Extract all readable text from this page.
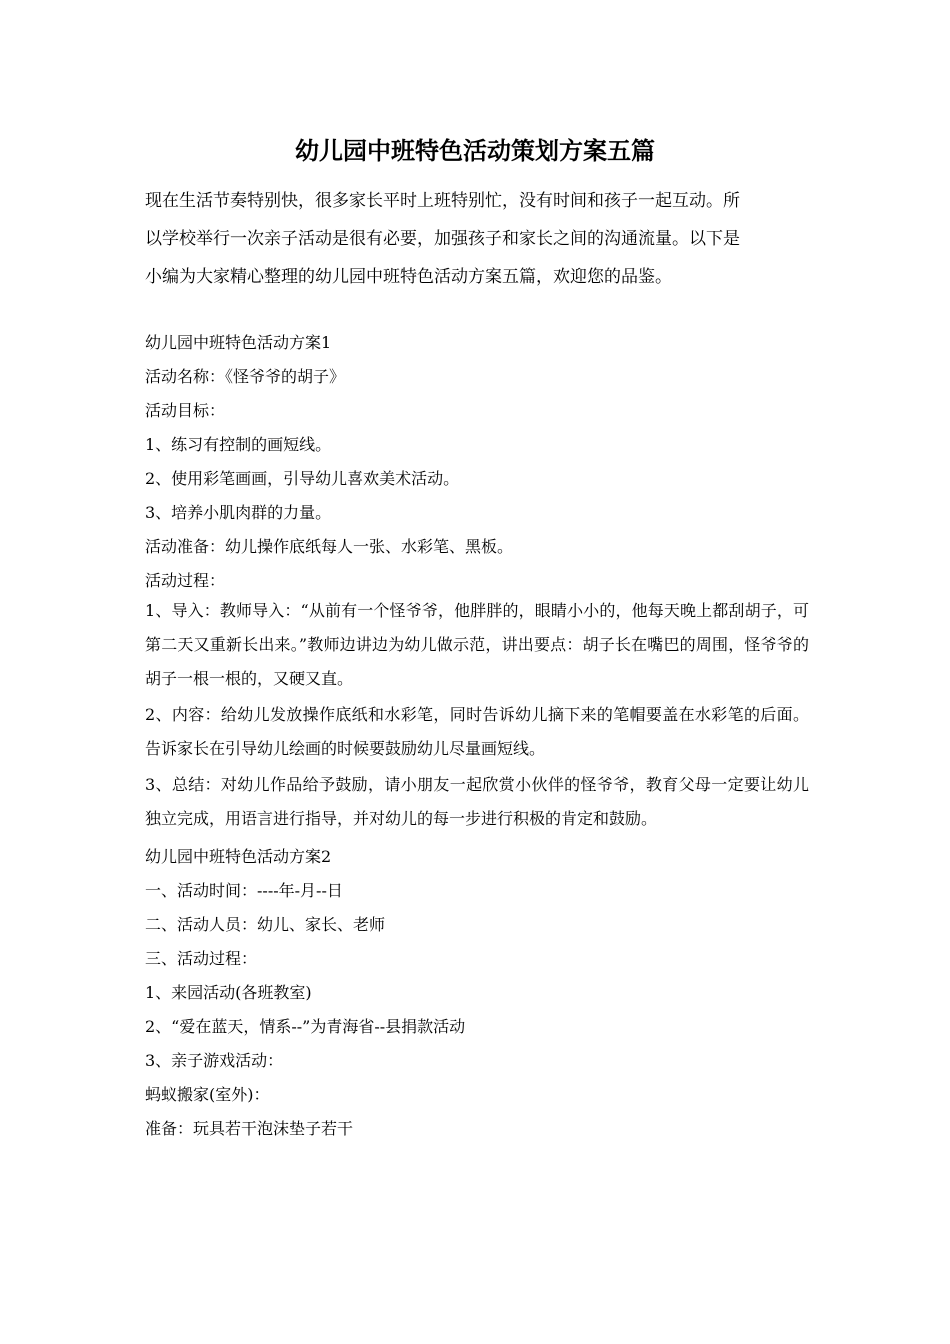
幼儿园中班特色活动策划方案五篇

现在生活节奏特别快，很多家长平时上班特别忙，没有时间和孩子一起互动。所

以学校举行一次亲子活动是很有必要，加强孩子和家长之间的沟通流量。以下是

小编为大家精心整理的幼儿园中班特色活动方案五篇，欢迎您的品鉴。

幼儿园中班特色活动方案1

活动名称：《怪爷爷的胡子》

活动目标：

1、练习有控制的画短线。

2、使用彩笔画画，引导幼儿喜欢美术活动。

3、培养小肌肉群的力量。

活动准备：幼儿操作底纸每人一张、水彩笔、黑板。

活动过程：

1、导入：教师导入：“从前有一个怪爷爷，他胖胖的，眼睛小小的，他每天晚上都刮胡子，可第二天又重新长出来。”教师边讲边为幼儿做示范，讲出要点：胡子长在嘴巴的周围，怪爷爷的胡子一根一根的，又硬又直。

2、内容：给幼儿发放操作底纸和水彩笔，同时告诉幼儿摘下来的笔帽要盖在水彩笔的后面。告诉家长在引导幼儿绘画的时候要鼓励幼儿尽量画短线。

3、总结：对幼儿作品给予鼓励，请小朋友一起欣赏小伙伴的怪爷爷，教育父母一定要让幼儿独立完成，用语言进行指导，并对幼儿的每一步进行积极的肯定和鼓励。

幼儿园中班特色活动方案2

一、活动时间：----年-月--日

二、活动人员：幼儿、家长、老师

三、活动过程：

1、来园活动(各班教室)

2、“爱在蓝天，情系--”为青海省--县捐款活动

3、亲子游戏活动：

蚂蚁搬家(室外)：

准备：玩具若干泡沫垫子若干
